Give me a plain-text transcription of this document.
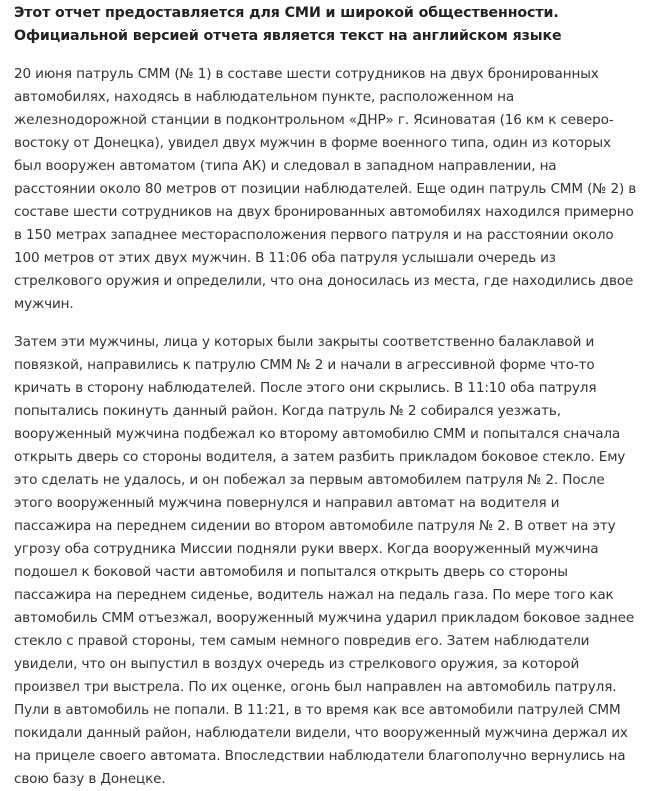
Этот отчет предоставляется для СМИ и широкой общественности. Официальной версией отчета является текст на английском языке

20 июня патруль СММ (№ 1) в составе шести сотрудников на двух бронированных автомобилях, находясь в наблюдательном пункте, расположенном на железнодорожной станции в подконтрольном «ДНР» г. Ясиноватая (16 км к северо-востоку от Донецка), увидел двух мужчин в форме военного типа, один из которых был вооружен автоматом (типа АК) и следовал в западном направлении, на расстоянии около 80 метров от позиции наблюдателей. Еще один патруль СММ (№ 2) в составе шести сотрудников на двух бронированных автомобилях находился примерно в 150 метрах западнее месторасположения первого патруля и на расстоянии около 100 метров от этих двух мужчин. В 11:06 оба патруля услышали очередь из стрелкового оружия и определили, что она доносилась из места, где находились двое мужчин.

Затем эти мужчины, лица у которых были закрыты соответственно балаклавой и повязкой, направились к патрулю СММ № 2 и начали в агрессивной форме что-то кричать в сторону наблюдателей. После этого они скрылись. В 11:10 оба патруля попытались покинуть данный район. Когда патруль № 2 собирался уезжать, вооруженный мужчина подбежал ко второму автомобилю СММ и попытался сначала открыть дверь со стороны водителя, а затем разбить прикладом боковое стекло. Ему это сделать не удалось, и он побежал за первым автомобилем патруля № 2. После этого вооруженный мужчина повернулся и направил автомат на водителя и пассажира на переднем сидении во втором автомобиле патруля № 2. В ответ на эту угрозу оба сотрудника Миссии подняли руки вверх. Когда вооруженный мужчина подошел к боковой части автомобиля и попытался открыть дверь со стороны пассажира на переднем сиденье, водитель нажал на педаль газа. По мере того как автомобиль СММ отъезжал, вооруженный мужчина ударил прикладом боковое заднее стекло с правой стороны, тем самым немного повредив его. Затем наблюдатели увидели, что он выпустил в воздух очередь из стрелкового оружия, за которой произвел три выстрела. По их оценке, огонь был направлен на автомобиль патруля. Пули в автомобиль не попали. В 11:21, в то время как все автомобили патрулей СММ покидали данный район, наблюдатели видели, что вооруженный мужчина держал их на прицеле своего автомата. Впоследствии наблюдатели благополучно вернулись на свою базу в Донецке.
